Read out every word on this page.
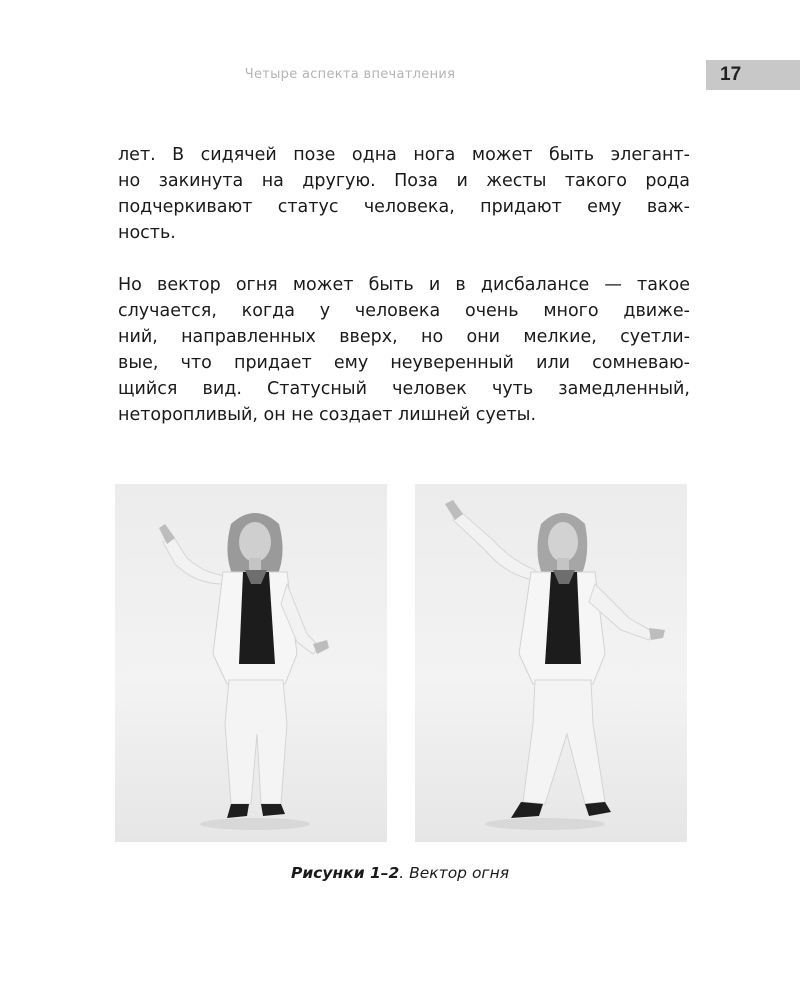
Четыре аспекта впечатления	17
лет. В сидячей позе одна нога может быть элегант-
но закинута на другую. Поза и жесты такого рода
подчеркивают статус человека, придают ему важ-
ность.
Но вектор огня может быть и в дисбалансе — такое
случается, когда у человека очень много движе-
ний, направленных вверх, но они мелкие, суетли-
вые, что придает ему неуверенный или сомневаю-
щийся вид. Статусный человек чуть замедленный,
неторопливый, он не создает лишней суеты.
Рисунки 1–2. Вектор огня
